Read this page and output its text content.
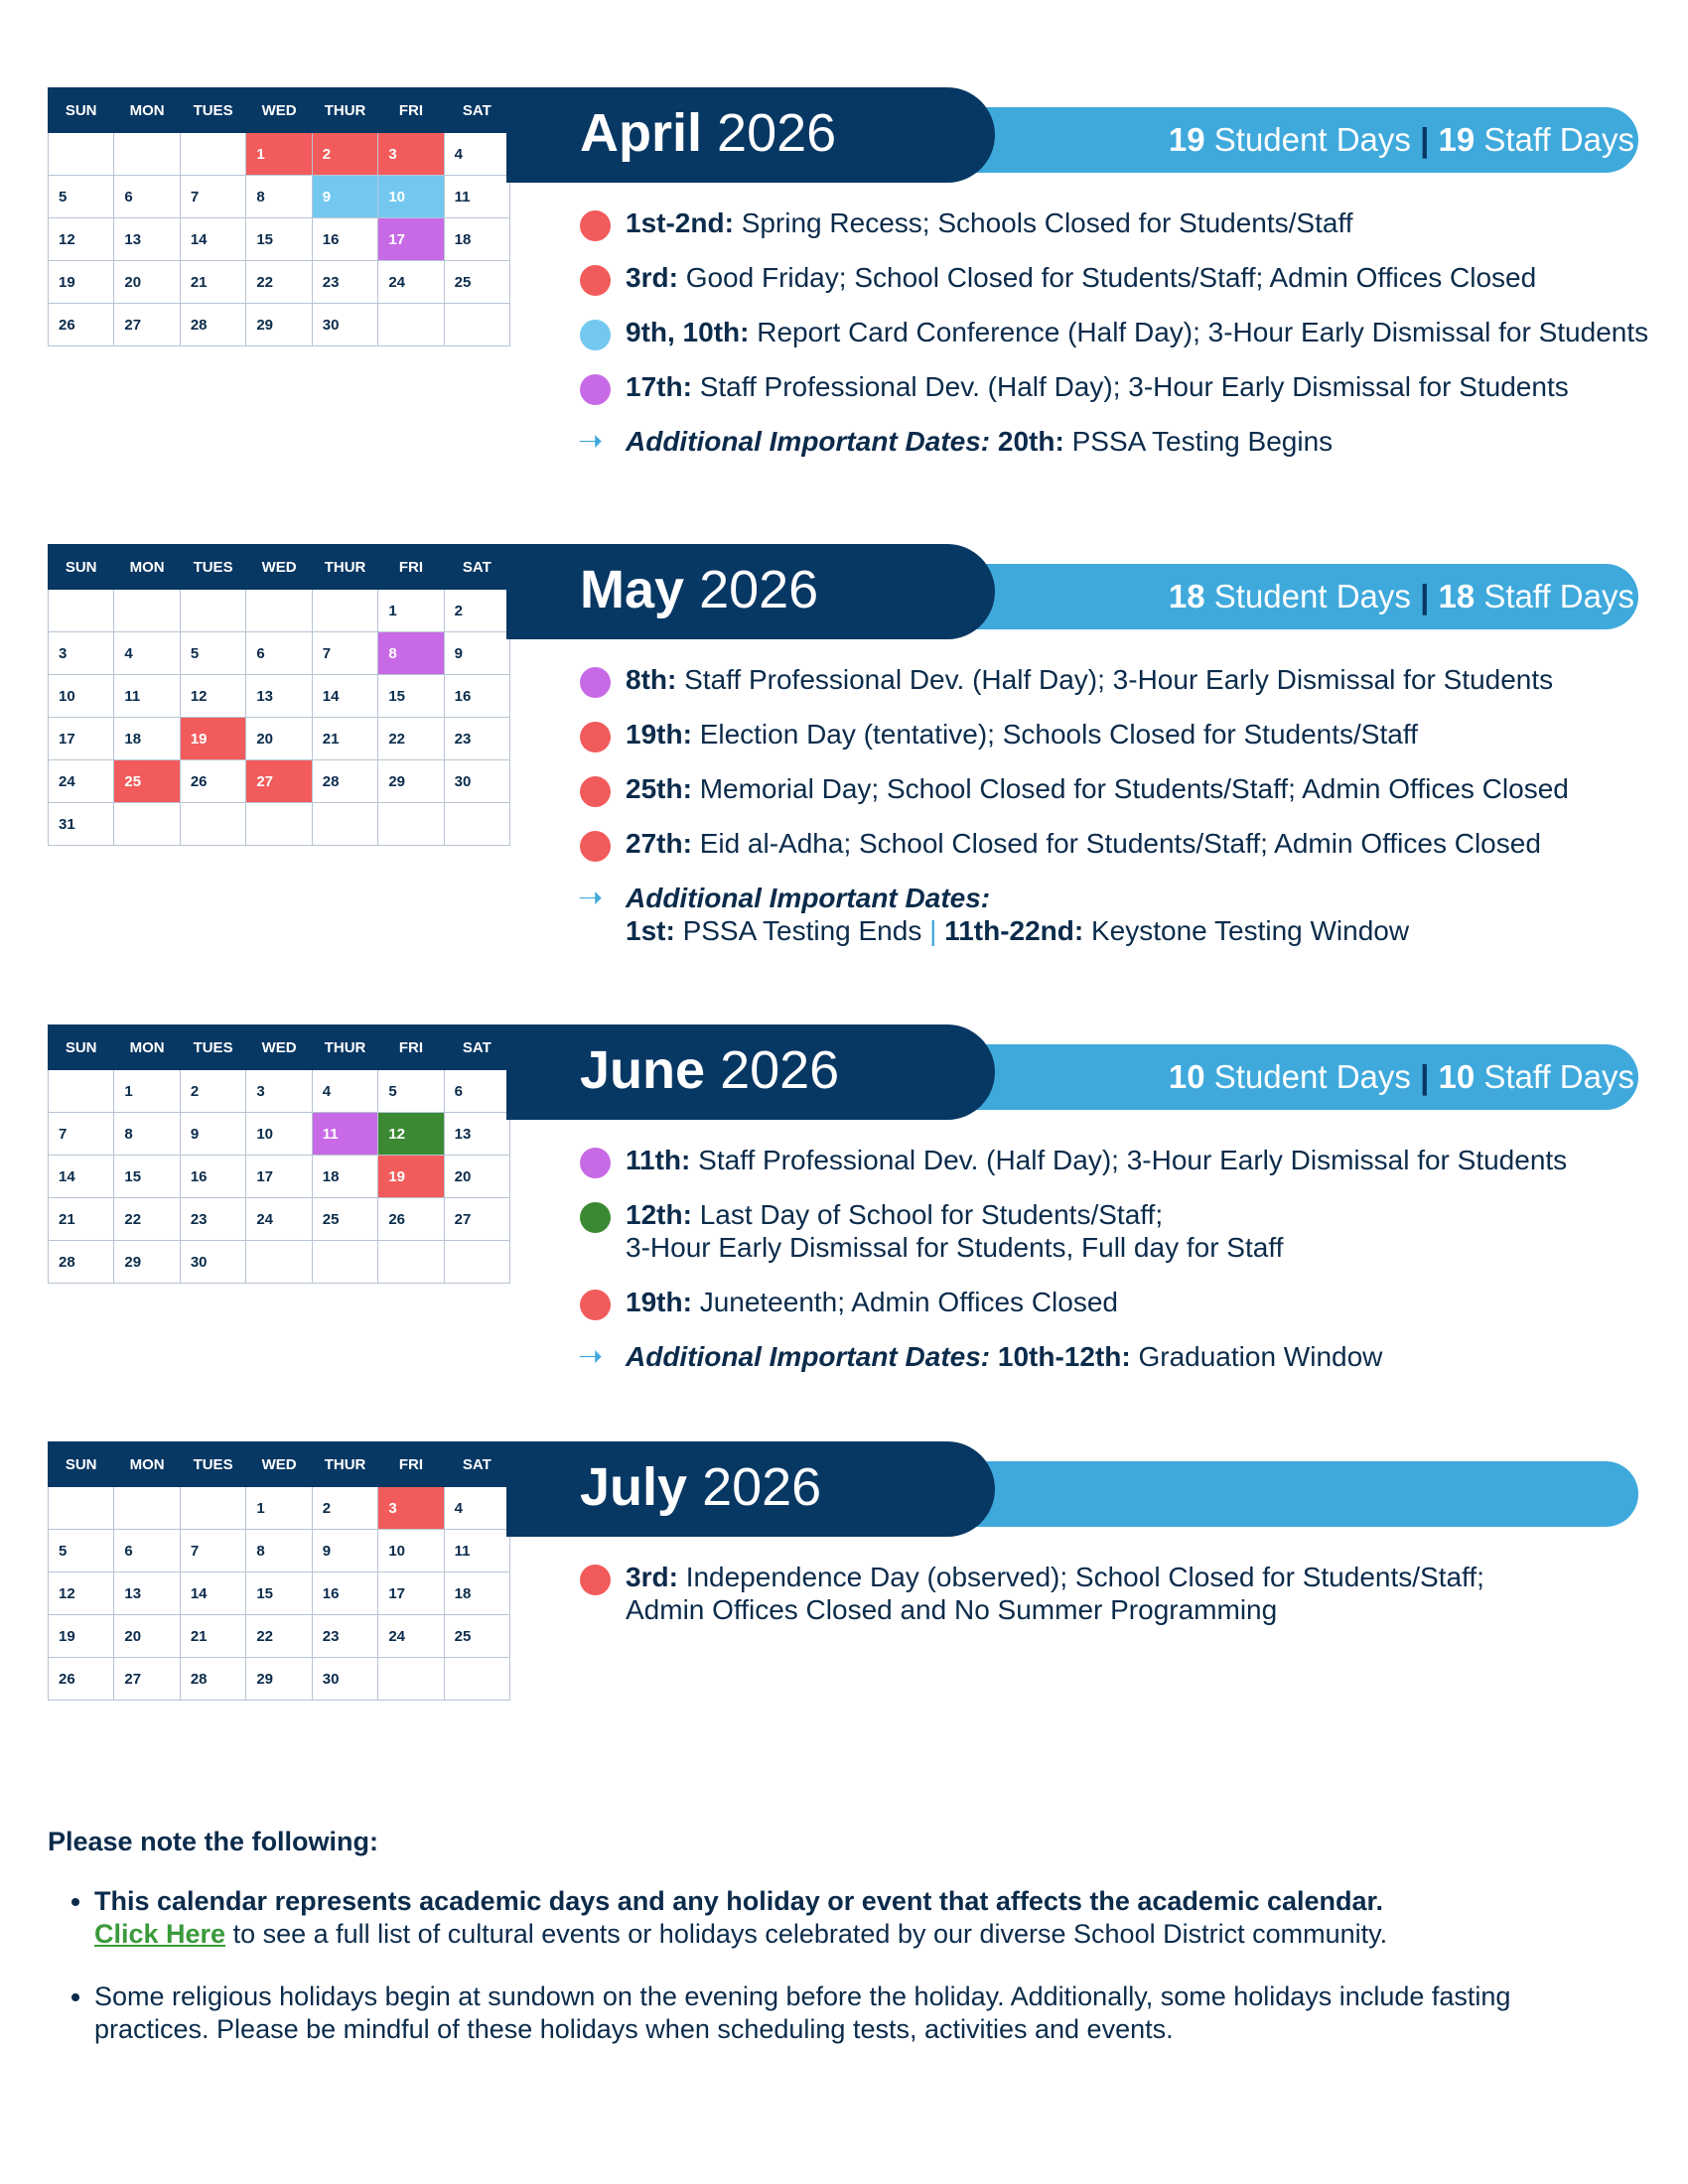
SUN	MON	TUES	WED	THUR	FRI	SAT
			1	2	3	4
5	6	7	8	9	10	11
12	13	14	15	16	17	18
19	20	21	22	23	24	25
26	27	28	29	30		
April 2026	19 Student Days | 19 Staff Days
1st-2nd: Spring Recess; Schools Closed for Students/Staff
3rd: Good Friday; School Closed for Students/Staff; Admin Offices Closed
9th, 10th: Report Card Conference (Half Day); 3-Hour Early Dismissal for Students
17th: Staff Professional Dev. (Half Day); 3-Hour Early Dismissal for Students
➝ Additional Important Dates: 20th: PSSA Testing Begins
SUN	MON	TUES	WED	THUR	FRI	SAT
					1	2
3	4	5	6	7	8	9
10	11	12	13	14	15	16
17	18	19	20	21	22	23
24	25	26	27	28	29	30
31						
May 2026	18 Student Days | 18 Staff Days
8th: Staff Professional Dev. (Half Day); 3-Hour Early Dismissal for Students
19th: Election Day (tentative); Schools Closed for Students/Staff
25th: Memorial Day; School Closed for Students/Staff; Admin Offices Closed
27th: Eid al-Adha; School Closed for Students/Staff; Admin Offices Closed
➝ Additional Important Dates:
1st: PSSA Testing Ends | 11th-22nd: Keystone Testing Window
SUN	MON	TUES	WED	THUR	FRI	SAT
	1	2	3	4	5	6
7	8	9	10	11	12	13
14	15	16	17	18	19	20
21	22	23	24	25	26	27
28	29	30				
June 2026	10 Student Days | 10 Staff Days
11th: Staff Professional Dev. (Half Day); 3-Hour Early Dismissal for Students
12th: Last Day of School for Students/Staff;
3-Hour Early Dismissal for Students, Full day for Staff
19th: Juneteenth; Admin Offices Closed
➝ Additional Important Dates: 10th-12th: Graduation Window
SUN	MON	TUES	WED	THUR	FRI	SAT
			1	2	3	4
5	6	7	8	9	10	11
12	13	14	15	16	17	18
19	20	21	22	23	24	25
26	27	28	29	30		
July 2026
3rd: Independence Day (observed); School Closed for Students/Staff;
Admin Offices Closed and No Summer Programming
Please note the following:
• This calendar represents academic days and any holiday or event that affects the academic calendar.
Click Here to see a full list of cultural events or holidays celebrated by our diverse School District community.
• Some religious holidays begin at sundown on the evening before the holiday. Additionally, some holidays include fasting practices. Please be mindful of these holidays when scheduling tests, activities and events.
